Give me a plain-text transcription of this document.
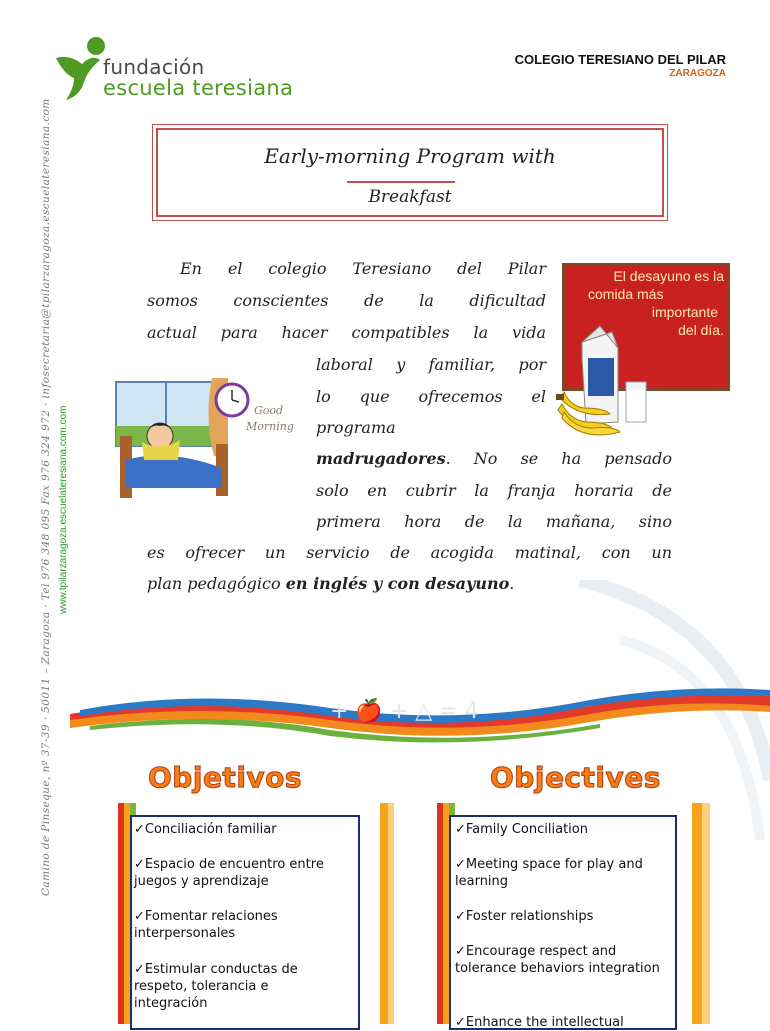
fundación
escuela teresiana
COLEGIO TERESIANO DEL PILAR
ZARAGOZA
Camino de Pinseque, nº 37-39 · 50011 – Zaragoza · Tel 976 348 095 Fax 976 324 972 · infosecretaria@tpilarzaragoza.escuelateresiana.com www.tpilarzaragoza.escuelateresiana.com.com
Early-morning Program with
Breakfast
En el colegio Teresiano del Pilar
somos conscientes de la dificultad
actual para hacer compatibles la vida
laboral y familiar, por
lo que ofrecemos el
programa
madrugadores. No se ha pensado
solo en cubrir la franja horaria de
primera hora de la mañana, sino
es ofrecer un servicio de acogida matinal, con un
plan pedagógico en inglés y con desayuno.
El desayuno es la
comida más
importante
del día.
Good
Morning
+ 🍎 + △ = 4
Objetivos
✓Conciliación familiar
✓Espacio de encuentro entre juegos y aprendizaje
✓Fomentar relaciones interpersonales
✓Estimular conductas de respeto, tolerancia e integración
Objectives
✓Family Conciliation
✓Meeting space for play and learning
✓Foster relationships
✓Encourage respect and tolerance behaviors integration
✓Enhance the intellectual
